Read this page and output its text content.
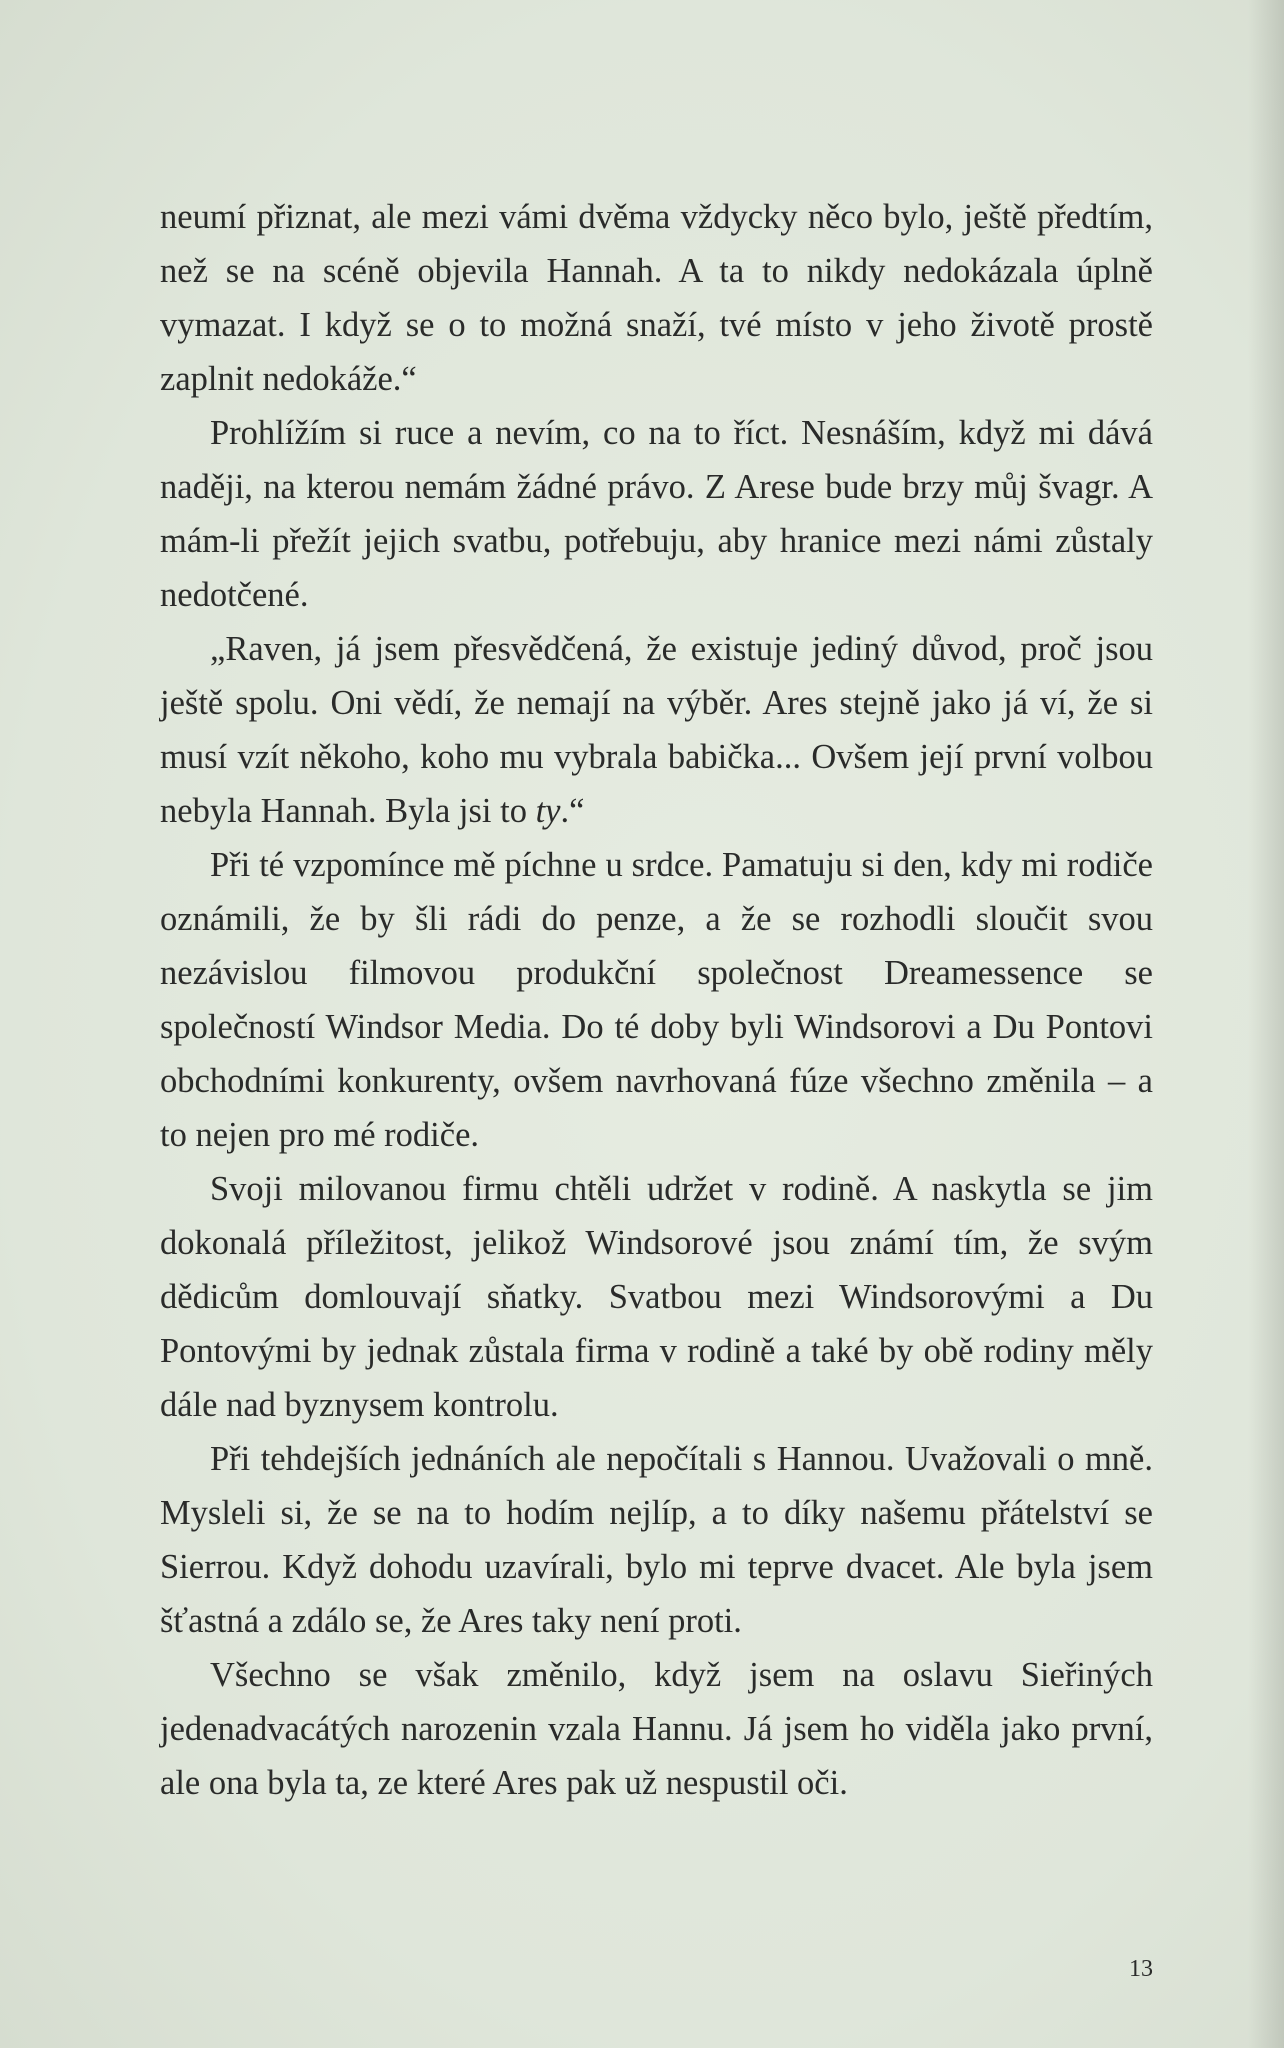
neumí přiznat, ale mezi vámi dvěma vždycky něco bylo, ještě předtím, než se na scéně objevila Hannah. A ta to nikdy nedokázala úplně vymazat. I když se o to možná snaží, tvé místo v jeho životě prostě zaplnit nedokáže.“

Prohlížím si ruce a nevím, co na to říct. Nesnáším, když mi dává naději, na kterou nemám žádné právo. Z Arese bude brzy můj švagr. A mám-li přežít jejich svatbu, potřebuju, aby hranice mezi námi zůstaly nedotčené.

„Raven, já jsem přesvědčená, že existuje jediný důvod, proč jsou ještě spolu. Oni vědí, že nemají na výběr. Ares stejně jako já ví, že si musí vzít někoho, koho mu vybrala babička... Ovšem její první volbou nebyla Hannah. Byla jsi to ty.“

Při té vzpomínce mě píchne u srdce. Pamatuju si den, kdy mi rodiče oznámili, že by šli rádi do penze, a že se rozhodli sloučit svou nezávislou filmovou produkční společnost Dreamessence se společností Windsor Media. Do té doby byli Windsorovi a Du Pontovi obchodními konkurenty, ovšem navrhovaná fúze všechno změnila – a to nejen pro mé rodiče.

Svoji milovanou firmu chtěli udržet v rodině. A naskytla se jim dokonalá příležitost, jelikož Windsorové jsou známí tím, že svým dědicům domlouvají sňatky. Svatbou mezi Windsorovými a Du Pontovými by jednak zůstala firma v rodině a také by obě rodiny měly dále nad byznysem kontrolu.

Při tehdejších jednáních ale nepočítali s Hannou. Uvažovali o mně. Mysleli si, že se na to hodím nejlíp, a to díky našemu přátelství se Sierrou. Když dohodu uzavírali, bylo mi teprve dvacet. Ale byla jsem šťastná a zdálo se, že Ares taky není proti.

Všechno se však změnilo, když jsem na oslavu Sieřiných jedenadvacátých narozenin vzala Hannu. Já jsem ho viděla jako první, ale ona byla ta, ze které Ares pak už nespustil oči.

13
